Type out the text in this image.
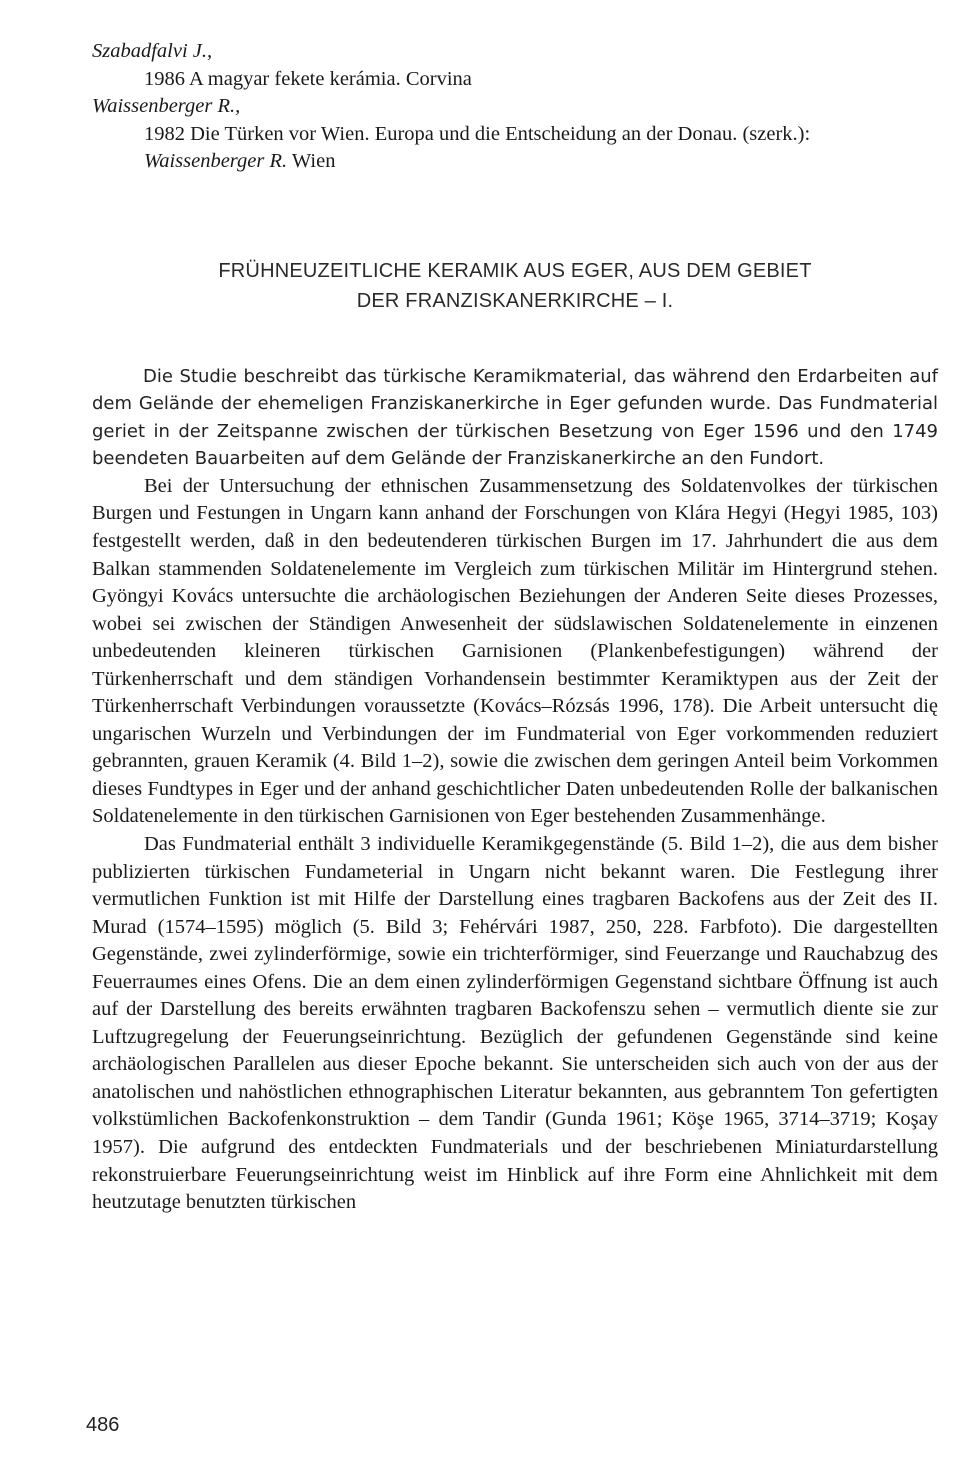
Szabadfalvi J.,
1986 A magyar fekete kerámia. Corvina
Waissenberger R.,
1982 Die Türken vor Wien. Europa und die Entscheidung an der Donau. (szerk.):
Waissenberger R. Wien
FRÜHNEUZEITLICHE KERAMIK AUS EGER, AUS DEM GEBIET
DER FRANZISKANERKIRCHE – I.
Die Studie beschreibt das türkische Keramikmaterial, das während den Erdarbeiten auf dem Gelände der ehemeligen Franziskanerkirche in Eger gefunden wurde. Das Fundmaterial geriet in der Zeitspanne zwischen der türkischen Besetzung von Eger 1596 und den 1749 beendeten Bauarbeiten auf dem Gelände der Franziskanerkirche an den Fundort.

Bei der Untersuchung der ethnischen Zusammensetzung des Soldatenvolkes der türkischen Burgen und Festungen in Ungarn kann anhand der Forschungen von Klára Hegyi (Hegyi 1985, 103) festgestellt werden, daß in den bedeutenderen türkischen Burgen im 17. Jahrhundert die aus dem Balkan stammenden Soldatenelemente im Vergleich zum türkischen Militär im Hintergrund stehen. Gyöngyi Kovács untersuchte die archäologischen Beziehungen der Anderen Seite dieses Prozesses, wobei sei zwischen der Ständigen Anwesenheit der südslawischen Soldatenelemente in einzenen unbedeutenden kleineren türkischen Garnisionen (Plankenbefestigungen) während der Türkenherrschaft und dem ständigen Vorhandensein bestimmter Keramiktypen aus der Zeit der Türkenherrschaft Verbindungen voraussetzte (Kovács–Rózsás 1996, 178). Die Arbeit untersucht dię ungarischen Wurzeln und Verbindungen der im Fundmaterial von Eger vorkommenden reduziert gebrannten, grauen Keramik (4. Bild 1–2), sowie die zwischen dem geringen Anteil beim Vorkommen dieses Fundtypes in Eger und der anhand geschichtlicher Daten unbedeutenden Rolle der balkanischen Soldatenelemente in den türkischen Garnisionen von Eger bestehenden Zusammenhänge.

Das Fundmaterial enthält 3 individuelle Keramikgegenstände (5. Bild 1–2), die aus dem bisher publizierten türkischen Fundameterial in Ungarn nicht bekannt waren. Die Festlegung ihrer vermutlichen Funktion ist mit Hilfe der Darstellung eines tragbaren Backofens aus der Zeit des II. Murad (1574–1595) möglich (5. Bild 3; Fehérvári 1987, 250, 228. Farbfoto). Die dargestellten Gegenstände, zwei zylinderförmige, sowie ein trichterförmiger, sind Feuerzange und Rauchabzug des Feuerraumes eines Ofens. Die an dem einen zylinderförmigen Gegenstand sichtbare Öffnung ist auch auf der Darstellung des bereits erwähnten tragbaren Backofenszu sehen – vermutlich diente sie zur Luftzugregelung der Feuerungseinrichtung. Bezüglich der gefundenen Gegenstände sind keine archäologischen Parallelen aus dieser Epoche bekannt. Sie unterscheiden sich auch von der aus der anatolischen und nahöstlichen ethnographischen Literatur bekannten, aus gebranntem Ton gefertigten volkstümlichen Backofenkonstruktion – dem Tandir (Gunda 1961; Köşe 1965, 3714–3719; Koşay 1957). Die aufgrund des entdeckten Fundmaterials und der beschriebenen Miniaturdarstellung rekonstruierbare Feuerungseinrichtung weist im Hinblick auf ihre Form eine Ahnlichkeit mit dem heutzutage benutzten türkischen

486
